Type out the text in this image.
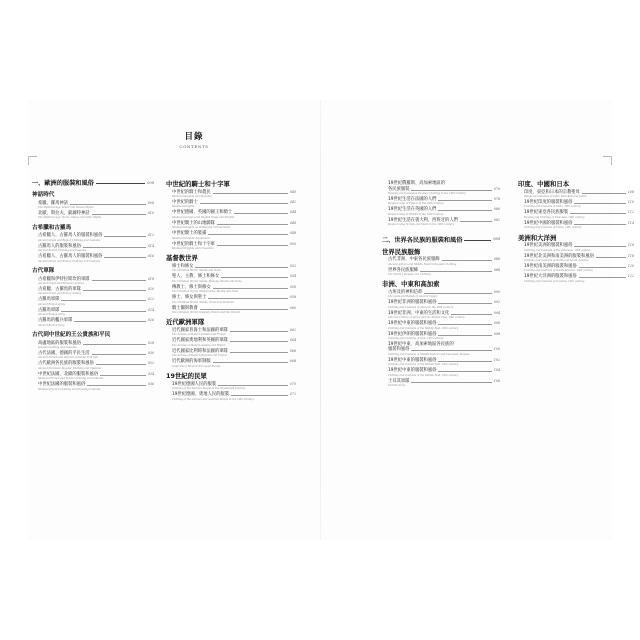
目錄
CONTENTS
一、歐洲的服裝和風俗	008
神話時代
希臘、羅馬神話	008
The Mythical Age: Greek and Roman Myths
北歐、斯拉夫、凱爾特神話	010
The Mythical Age: Norse, Slavic and Celtic Myths
古希臘和古羅馬
古希臘人、古羅馬人的服裝和風俗	012
Ancient Greek and Roman Clothing and Customs
古羅馬人的服裝和風俗	014
Ancient Roman Clothing and Customs
古希臘人、古羅馬人的服裝和風俗	016
Ancient Greek and Roman Clothing and Customs
古代軍隊
古希臘和伊特拉斯坎的軍隊	018
Ancient Greek and Etruscan Armies
古希臘、古羅馬的軍隊	020
Ancient Greek and Roman Armies
古羅馬軍隊	022
Ancient Roman Army
古羅馬軍隊	024
Ancient Roman Army
古羅馬的艦兵軍隊	026
Ancient Roman Navy
古代到中世紀的王公貴族和平民
高盧地區的服裝和風俗	028
Gaulish Clothing and Customs
古代法國、德國的平民生活	030
Ancient French and German Common Folk Life
古代歐洲各民族的服裝和風俗	032
Ancient European Peoples' Clothing and Customs
中世紀法國、北歐的服裝和風俗	034
Medieval French and Nordic Clothing and Customs
中世紀法國的服裝和風俗	036
Medieval French Clothing and Dressing Customs
中世紀的騎士和十字軍
中世紀的騎士和農民	040
Medieval Knights and Peasants
中世紀的騎士	042
Medieval Knights
中世紀德國、英國的國王和騎士	044
Medieval German and English Kings and Knights
中世紀騎士的山地騎隊	046
Medieval Knights on Horseback Tournaments
中世紀騎士的裝備	048
Medieval Knights' Equipment
中世紀的騎士和十字軍	050
Medieval Knights and Crusaders
基督教世界
修士和修女	052
The Christian World: Monks and Nuns
聖人、主教、修士和修女	054
The Christian World: Saints, Bishops, Monks and Nuns
傳教士、修士與修女	056
The Christian World: Missionaries, Monks and Nuns
修士、修女與聖士	058
The Christian World: Monks, Nuns and Templars
騎士團與教會	060
The Christian World: Knightly Orders and the Church
近代歐洲軍隊
近代國家普魯士和法國的軍隊	062
The Armies of Modern Prussia and France
近代國家奧地利和英國的軍隊	064
The Armies of Modern Austria and Britain
近代國家比利時和法國的軍隊	066
The Armies of Modern Belgium and France
近代歐洲的海軍制服	068
Uniforms of Modern European Navies
19世紀的民眾
19世紀德國人民的服裝	070
Clothing of the German People in the Nineteenth Century
19世紀德國、奧地人民的服裝	072
Clothing of the German and Austrian People in the 19th Century
19世紀俄羅斯、高加索地區的
各民族服裝	076
Russian and Caucasian Peoples' Clothing in the 19th Century
19世紀生活在法國的人們	078
People Living in France in the 19th Century
19世紀生活在英國的人們	080
People Living in Britain in the 19th Century
19世紀生活在義大利、西班牙的人們	082
People Living in Italy and Spain in the 19th Century
二、世界各民族的服裝和風俗	084
世界民族服飾
古代非洲、中東各民族服飾	086
Ancient African and Middle Eastern Peoples' Clothing
世界各民族服飾	088
The World's Peoples and Clothing
非洲、中東和高加索
古埃及的神和信仰	090
The Gods and Beliefs of Ancient Egypt
19世紀非洲的服裝和風俗	092
Clothing and Customs of Africa in the 19th Century
19世紀非洲、中東的生活和文化	094
Life and Culture of Africa and the Middle East, 19th century
19世紀中東的服裝和風俗	096
Clothing and Customs of the Middle East, 19th century
19世紀伊朗的服裝和風俗	098
Customs and Clothing of Iran, 19th century
19世紀中東、高加索地區各民族的
服裝和風俗	100
Clothing and Customs of Middle Eastern and Caucasian Peoples
19世紀中東的服裝和風俗	102
Clothing and Customs of the Middle East, 19th century
19世紀中東的服裝和風俗	104
Clothing and Customs of the Middle East, 19th century
土耳其軍隊	106
Turkish Army
印度、中國和日本
印度、東亞和日本的宗教聖母	108
Religious Costumes of India, East Asia and Japan
19世紀印度的服裝和風俗	110
Clothing and Customs of India, 19th century
19世紀東亞各民族服裝	112
Peoples and Clothing of East Asia, 19th century
19世紀中國的服裝和風俗	114
Clothing and Customs of China, 19th century
美洲和大洋洲
19世紀美洲的服裝和風俗	116
Clothing and Customs of the Americas, 19th century
19世紀北美洲和南美洲的服裝和風俗	118
Clothing and Customs of North and South America
19世紀南美洲的服裝和風俗	120
Clothing and Customs of South America, 19th century
19世紀大洋洲的服裝和風俗	122
Clothing and Customs of Oceania, 19th century
